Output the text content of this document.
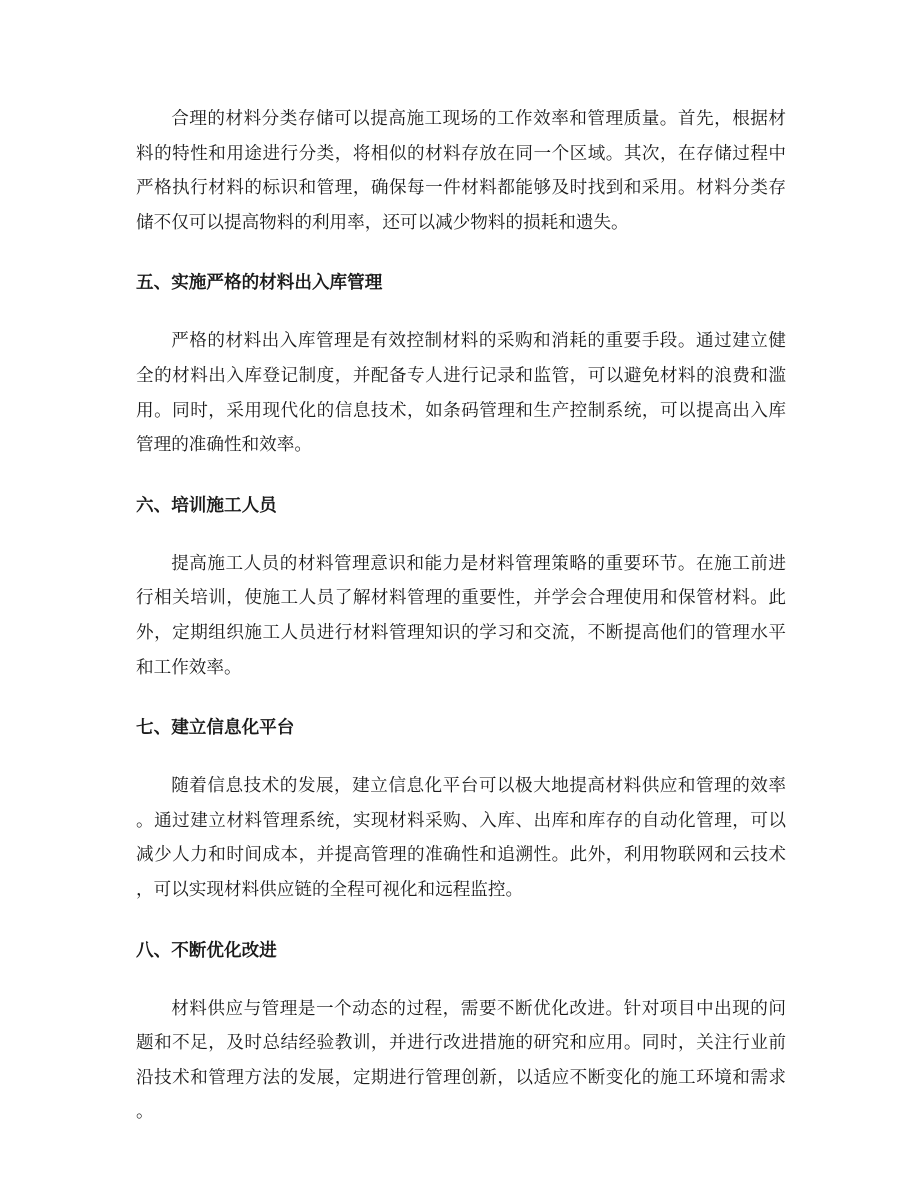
合理的材料分类存储可以提高施工现场的工作效率和管理质量。首先，根据材料的特性和用途进行分类，将相似的材料存放在同一个区域。其次，在存储过程中严格执行材料的标识和管理，确保每一件材料都能够及时找到和采用。材料分类存储不仅可以提高物料的利用率，还可以减少物料的损耗和遗失。

五、实施严格的材料出入库管理

严格的材料出入库管理是有效控制材料的采购和消耗的重要手段。通过建立健全的材料出入库登记制度，并配备专人进行记录和监管，可以避免材料的浪费和滥用。同时，采用现代化的信息技术，如条码管理和生产控制系统，可以提高出入库管理的准确性和效率。

六、培训施工人员

提高施工人员的材料管理意识和能力是材料管理策略的重要环节。在施工前进行相关培训，使施工人员了解材料管理的重要性，并学会合理使用和保管材料。此外，定期组织施工人员进行材料管理知识的学习和交流，不断提高他们的管理水平和工作效率。

七、建立信息化平台

随着信息技术的发展，建立信息化平台可以极大地提高材料供应和管理的效率。通过建立材料管理系统，实现材料采购、入库、出库和库存的自动化管理，可以减少人力和时间成本，并提高管理的准确性和追溯性。此外，利用物联网和云技术，可以实现材料供应链的全程可视化和远程监控。

八、不断优化改进

材料供应与管理是一个动态的过程，需要不断优化改进。针对项目中出现的问题和不足，及时总结经验教训，并进行改进措施的研究和应用。同时，关注行业前沿技术和管理方法的发展，定期进行管理创新，以适应不断变化的施工环境和需求。
